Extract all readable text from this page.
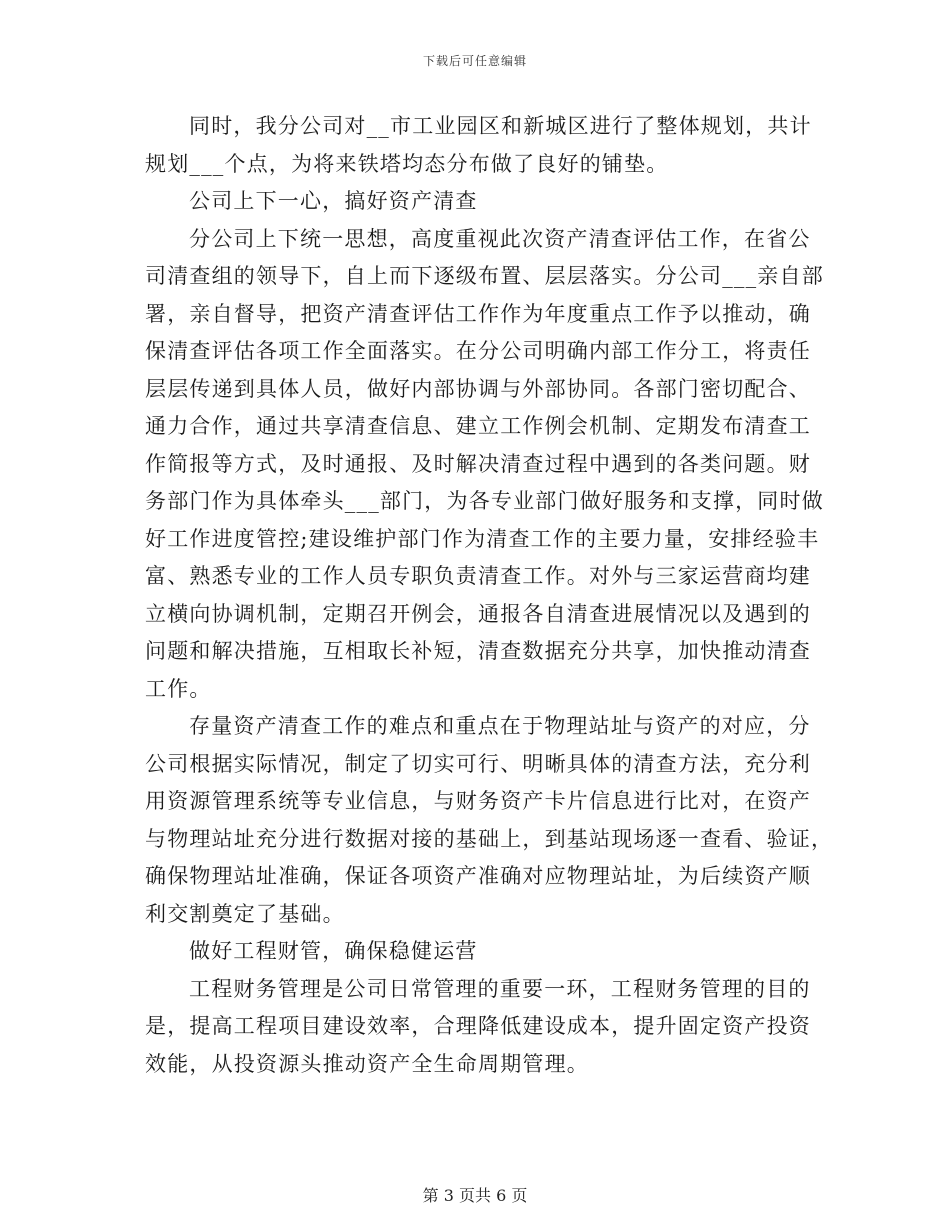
下载后可任意编辑
同时，我分公司对__市工业园区和新城区进行了整体规划，共计
规划___个点，为将来铁塔均态分布做了良好的铺垫。
公司上下一心，搞好资产清查
分公司上下统一思想，高度重视此次资产清查评估工作，在省公
司清查组的领导下，自上而下逐级布置、层层落实。分公司___亲自部
署，亲自督导，把资产清查评估工作作为年度重点工作予以推动，确
保清查评估各项工作全面落实。在分公司明确内部工作分工，将责任
层层传递到具体人员，做好内部协调与外部协同。各部门密切配合、
通力合作，通过共享清查信息、建立工作例会机制、定期发布清查工
作简报等方式，及时通报、及时解决清查过程中遇到的各类问题。财
务部门作为具体牵头___部门，为各专业部门做好服务和支撑，同时做
好工作进度管控;建设维护部门作为清查工作的主要力量，安排经验丰
富、熟悉专业的工作人员专职负责清查工作。对外与三家运营商均建
立横向协调机制，定期召开例会，通报各自清查进展情况以及遇到的
问题和解决措施，互相取长补短，清查数据充分共享，加快推动清查
工作。
存量资产清查工作的难点和重点在于物理站址与资产的对应，分
公司根据实际情况，制定了切实可行、明晰具体的清查方法，充分利
用资源管理系统等专业信息，与财务资产卡片信息进行比对，在资产
与物理站址充分进行数据对接的基础上，到基站现场逐一查看、验证，
确保物理站址准确，保证各项资产准确对应物理站址，为后续资产顺
利交割奠定了基础。
做好工程财管，确保稳健运营
工程财务管理是公司日常管理的重要一环，工程财务管理的目的
是，提高工程项目建设效率，合理降低建设成本，提升固定资产投资
效能，从投资源头推动资产全生命周期管理。
第 3 页共 6 页
